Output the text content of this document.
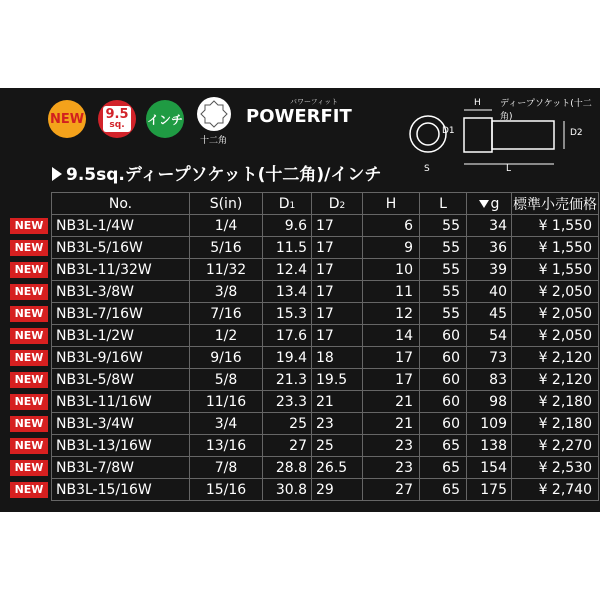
NEW 9.5
sq. インチ
十二角
パワーフィット
POWERFIT
ディープソケット(十二角)
H
D1	D2
S	L
9.5sq.ディープソケット(十二角)/インチ
	No.	S(in)	D1	D2	H	L	g	標準小売価格

NEW	NB3L-1/4W	1/4	9.6	17	6	55	34	¥ 1,550

NEW	NB3L-5/16W	5/16	11.5	17	9	55	36	¥ 1,550

NEW	NB3L-11/32W	11/32	12.4	17	10	55	39	¥ 1,550

NEW	NB3L-3/8W	3/8	13.4	17	11	55	40	¥ 2,050

NEW	NB3L-7/16W	7/16	15.3	17	12	55	45	¥ 2,050

NEW	NB3L-1/2W	1/2	17.6	17	14	60	54	¥ 2,050

NEW	NB3L-9/16W	9/16	19.4	18	17	60	73	¥ 2,120

NEW	NB3L-5/8W	5/8	21.3	19.5	17	60	83	¥ 2,120

NEW	NB3L-11/16W	11/16	23.3	21	21	60	98	¥ 2,180

NEW	NB3L-3/4W	3/4	25	23	21	60	109	¥ 2,180

NEW	NB3L-13/16W	13/16	27	25	23	65	138	¥ 2,270

NEW	NB3L-7/8W	7/8	28.8	26.5	23	65	154	¥ 2,530

NEW	NB3L-15/16W	15/16	30.8	29	27	65	175	¥ 2,740
